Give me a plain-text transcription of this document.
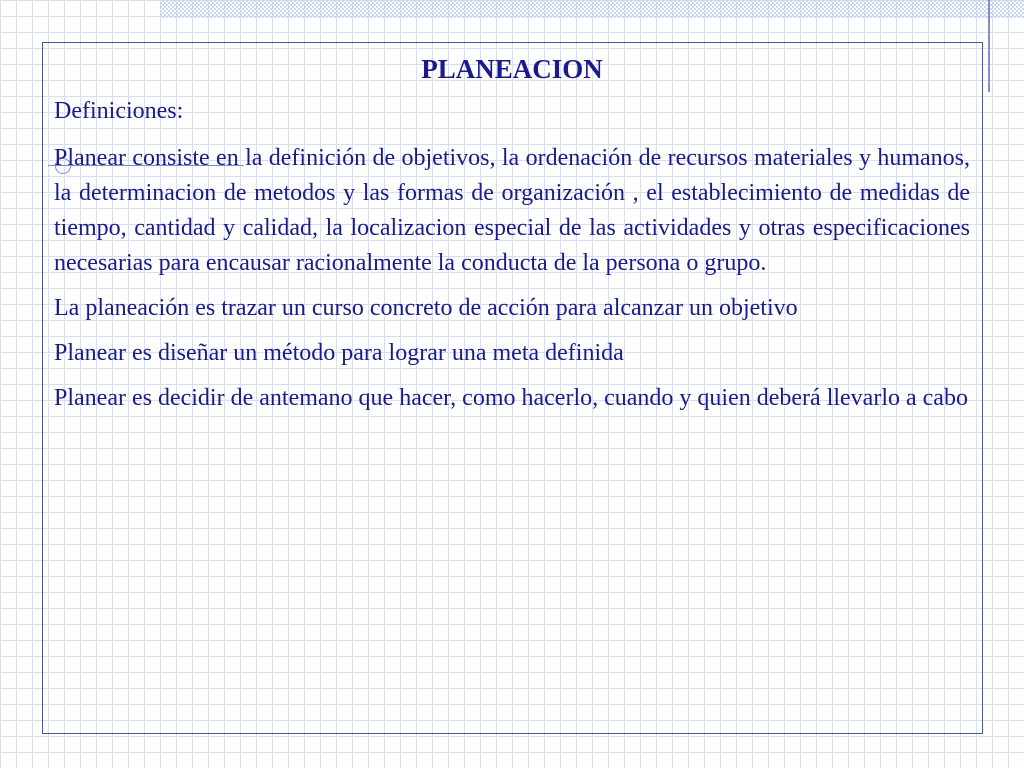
PLANEACION
Definiciones:
Planear consiste en la definición de objetivos, la ordenación de recursos materiales y humanos, la determinacion de metodos y las formas de organización , el establecimiento de medidas de tiempo, cantidad y calidad, la localizacion especial de las actividades y otras especificaciones necesarias para encausar racionalmente la conducta de la persona o grupo.
La planeación es trazar un curso concreto de acción para alcanzar un objetivo
Planear es diseñar un método para lograr una meta definida
Planear es decidir de antemano que hacer, como hacerlo, cuando y quien deberá llevarlo a cabo
